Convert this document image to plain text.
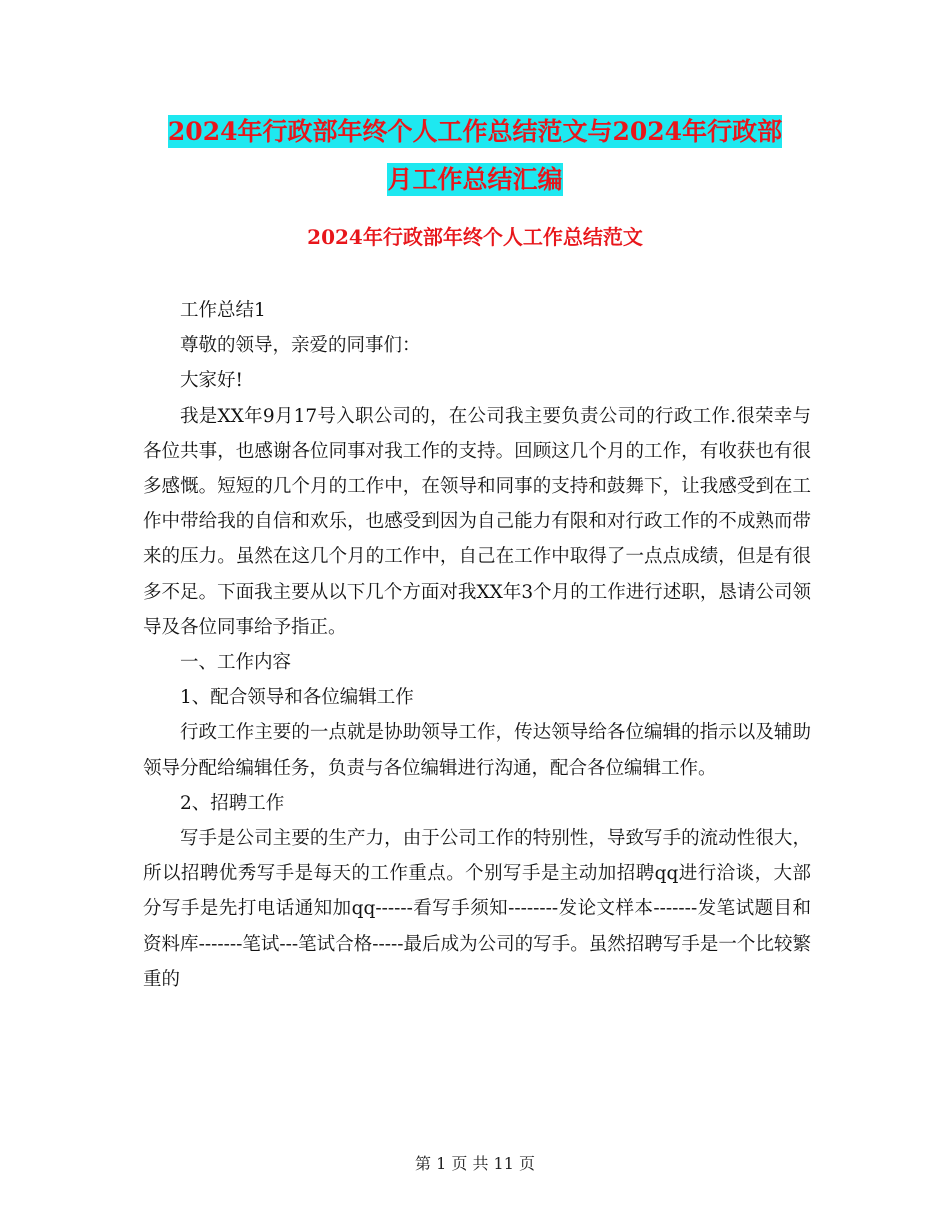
2024年行政部年终个人工作总结范文与2024年行政部
月工作总结汇编
2024年行政部年终个人工作总结范文

工作总结1

尊敬的领导，亲爱的同事们：

大家好!

我是XX年9月17号入职公司的，在公司我主要负责公司的行政工作.很荣幸与各位共事，也感谢各位同事对我工作的支持。回顾这几个月的工作，有收获也有很多感慨。短短的几个月的工作中，在领导和同事的支持和鼓舞下，让我感受到在工作中带给我的自信和欢乐，也感受到因为自己能力有限和对行政工作的不成熟而带来的压力。虽然在这几个月的工作中，自己在工作中取得了一点点成绩，但是有很多不足。下面我主要从以下几个方面对我XX年3个月的工作进行述职，恳请公司领导及各位同事给予指正。

一、工作内容

1、配合领导和各位编辑工作

行政工作主要的一点就是协助领导工作，传达领导给各位编辑的指示以及辅助领导分配给编辑任务，负责与各位编辑进行沟通，配合各位编辑工作。

2、招聘工作

写手是公司主要的生产力，由于公司工作的特别性，导致写手的流动性很大，所以招聘优秀写手是每天的工作重点。个别写手是主动加招聘qq进行洽谈，大部分写手是先打电话通知加qq------看写手须知--------发论文样本-------发笔试题目和资料库-------笔试---笔试合格-----最后成为公司的写手。虽然招聘写手是一个比较繁重的

第 1 页 共 11 页
